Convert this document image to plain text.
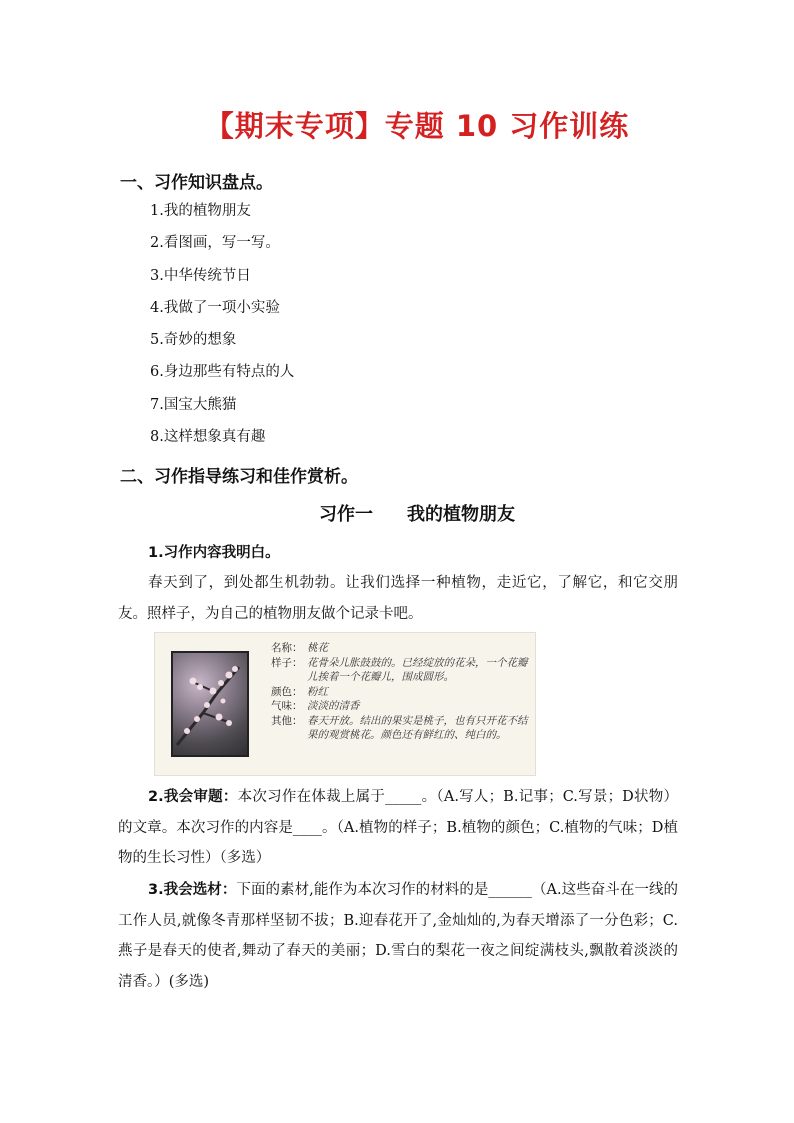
【期末专项】专题 10 习作训练
一、习作知识盘点。
1.我的植物朋友
2.看图画，写一写。
3.中华传统节日
4.我做了一项小实验
5.奇妙的想象
6.身边那些有特点的人
7.国宝大熊猫
8.这样想象真有趣
二、习作指导练习和佳作赏析。
习作一 我的植物朋友
1.习作内容我明白。
春天到了，到处都生机勃勃。让我们选择一种植物，走近它，了解它，和它交朋友。照样子，为自己的植物朋友做个记录卡吧。
名称： 桃花
样子： 花骨朵儿胀鼓鼓的。已经绽放的花朵，一个花瓣儿挨着一个花瓣儿，围成圆形。
颜色： 粉红
气味： 淡淡的清香
其他： 春天开放。结出的果实是桃子，也有只开花不结果的观赏桃花。颜色还有鲜红的、纯白的。
2.我会审题：本次习作在体裁上属于_____。（A.写人；B.记事；C.写景；D状物）的文章。本次习作的内容是____。（A.植物的样子；B.植物的颜色；C.植物的气味；D植物的生长习性）（多选）
3.我会选材：下面的素材,能作为本次习作的材料的是______（A.这些奋斗在一线的工作人员,就像冬青那样坚韧不拔；B.迎春花开了,金灿灿的,为春天增添了一分色彩；C.燕子是春天的使者,舞动了春天的美丽；D.雪白的梨花一夜之间绽满枝头,飘散着淡淡的清香。）(多选)
